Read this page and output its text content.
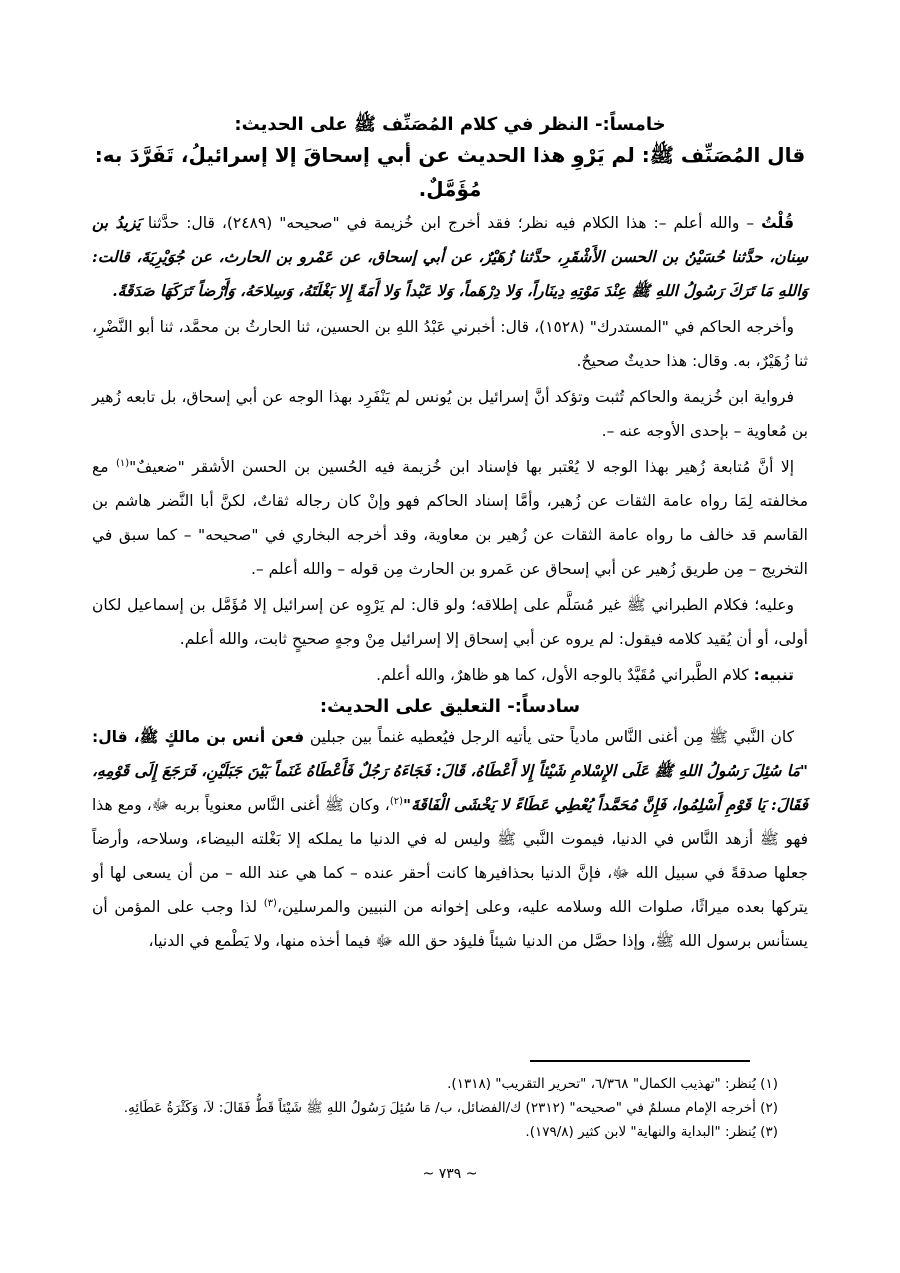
خامساً:- النظر في كلام المُصَنِّف ﷺ على الحديث:

قال المُصَنِّف ﷺ: لم يَرْوِ هذا الحديث عن أبي إسحاقَ إلا إسرائيلُ، تَفَرَّدَ به: مُؤَمَّلٌ.

قُلْتُ – والله أعلم –: هذا الكلام فيه نظر؛ فقد أخرج ابن خُزيمة في "صحيحه" (٢٤٨٩)، قال: حدَّثنا يَزيدُ بن سِنان، حدَّثنا حُسَيْنُ بن الحسن الأَشْقَرِ، حدَّثنا زُهَيْرٌ، عن أبي إسحاق، عن عَمْرو بن الحارث، عن جُوَيْرِيَةَ، قالت: وَاللهِ مَا تَرَكَ رَسُولُ اللهِ ﷺ عِنْدَ مَوْتِهِ دِينَاراً، وَلا دِرْهَماً، وَلا عَبْداً وَلا أَمَةً إِلا بَغْلَتَهُ، وَسِلاحَهُ، وَأَرْضاً تَرَكَهَا صَدَقَةً.

وأخرجه الحاكم في "المستدرك" (١٥٢٨)، قال: أخبرني عَبْدُ اللهِ بن الحسين، ثنا الحارثُ بن محمَّد، ثنا أبو النَّضْرِ، ثنا زُهَيْرٌ، به. وقال: هذا حديثٌ صحيحٌ.

فرواية ابن خُزيمة والحاكم تُثبت وتؤكد أنَّ إسرائيل بن يُونس لم يَنْفَرِد بهذا الوجه عن أبي إسحاق، بل تابعه زُهير بن مُعاوية – بإحدى الأوجه عنه –.

إلا أنَّ مُتابعة زُهير بهذا الوجه لا يُعْتبر بها فإسناد ابن خُزيمة فيه الحُسين بن الحسن الأشقر "ضعيفٌ"$^{(١)}$ مع مخالفته لِمَا رواه عامة الثقات عن زُهير، وأمَّا إسناد الحاكم فهو وإنْ كان رجاله ثقاتٌ، لكنَّ أبا النَّضر هاشم بن القاسم قد خالف ما رواه عامة الثقات عن زُهير بن معاوية، وقد أخرجه البخاري في "صحيحه" – كما سبق في التخريج – مِن طريق زُهير عن أبي إسحاق عن عَمرو بن الحارث مِن قوله – والله أعلم –.

وعليه؛ فكلام الطبراني ﷺ غير مُسَلَّم على إطلاقه؛ ولو قال: لم يَرْوِه عن إسرائيل إلا مُؤَمَّل بن إسماعيل لكان أولى، أو أن يُقيد كلامه فيقول: لم يروه عن أبي إسحاق إلا إسرائيل مِنْ وجهٍ صحيحٍ ثابت، والله أعلم.

تنبيه: كلام الطَّبراني مُقَيَّدٌ بالوجه الأول، كما هو ظاهرٌ، والله أعلم.

سادساً:- التعليق على الحديث:

كان النَّبي ﷺ مِن أغنى النَّاس مادياً حتى يأتيه الرجل فيُعطيه غنماً بين جبلين فعن أنس بن مالكٍ ﷺ، قال: "مَا سُئِلَ رَسُولُ اللهِ ﷺ عَلَى الإِسْلامِ شَيْئاً إِلا أَعْطَاهُ، قَالَ: فَجَاءَهُ رَجُلٌ فَأَعْطَاهُ غَنَماً بَيْنَ جَبَلَيْنِ، فَرَجَعَ إِلَى قَوْمِهِ، فَقَالَ: يَا قَوْمِ أَسْلِمُوا، فَإِنَّ مُحَمَّداً يُعْطِي عَطَاءً لا يَخْشَى الْفَاقَةَ"$^{(٢)}$، وكان ﷺ أغنى النَّاس معنوياً بربه ﷻ، ومع هذا فهو ﷺ أزهد النَّاس في الدنيا، فيموت النَّبي ﷺ وليس له في الدنيا ما يملكه إلا بَغْلته البيضاء، وسلاحه، وأرضاً جعلها صدقةً في سبيل الله ﷻ، فإنَّ الدنيا بحذافيرها كانت أحقر عنده – كما هي عند الله – من أن يسعى لها أو يتركها بعده ميراثًا، صلوات الله وسلامه عليه، وعلى إخوانه من النبيين والمرسلين،$^{(٣)}$ لذا وجب على المؤمن أن يستأنس برسول الله ﷺ، وإذا حصَّل من الدنيا شيئاً فليؤد حق الله ﷻ فيما أخذه منها، ولا يَطْمع في الدنيا،

(١) يُنظر: "تهذيب الكمال" ٦/٣٦٨، "تحرير التقريب" (١٣١٨).

(٢) أخرجه الإمام مسلمٌ في "صحيحه" (٢٣١٢) ك/الفضائل، ب/ مَا سُئِلَ رَسُولُ اللهِ ﷺ شَيْئاً قَطُّ فَقَالَ: لاَ، وَكَثْرَةُ عَطَائِهِ.

(٣) يُنظر: "البداية والنهاية" لابن كثير (١٧٩/٨).

~ ٧٣٩ ~
